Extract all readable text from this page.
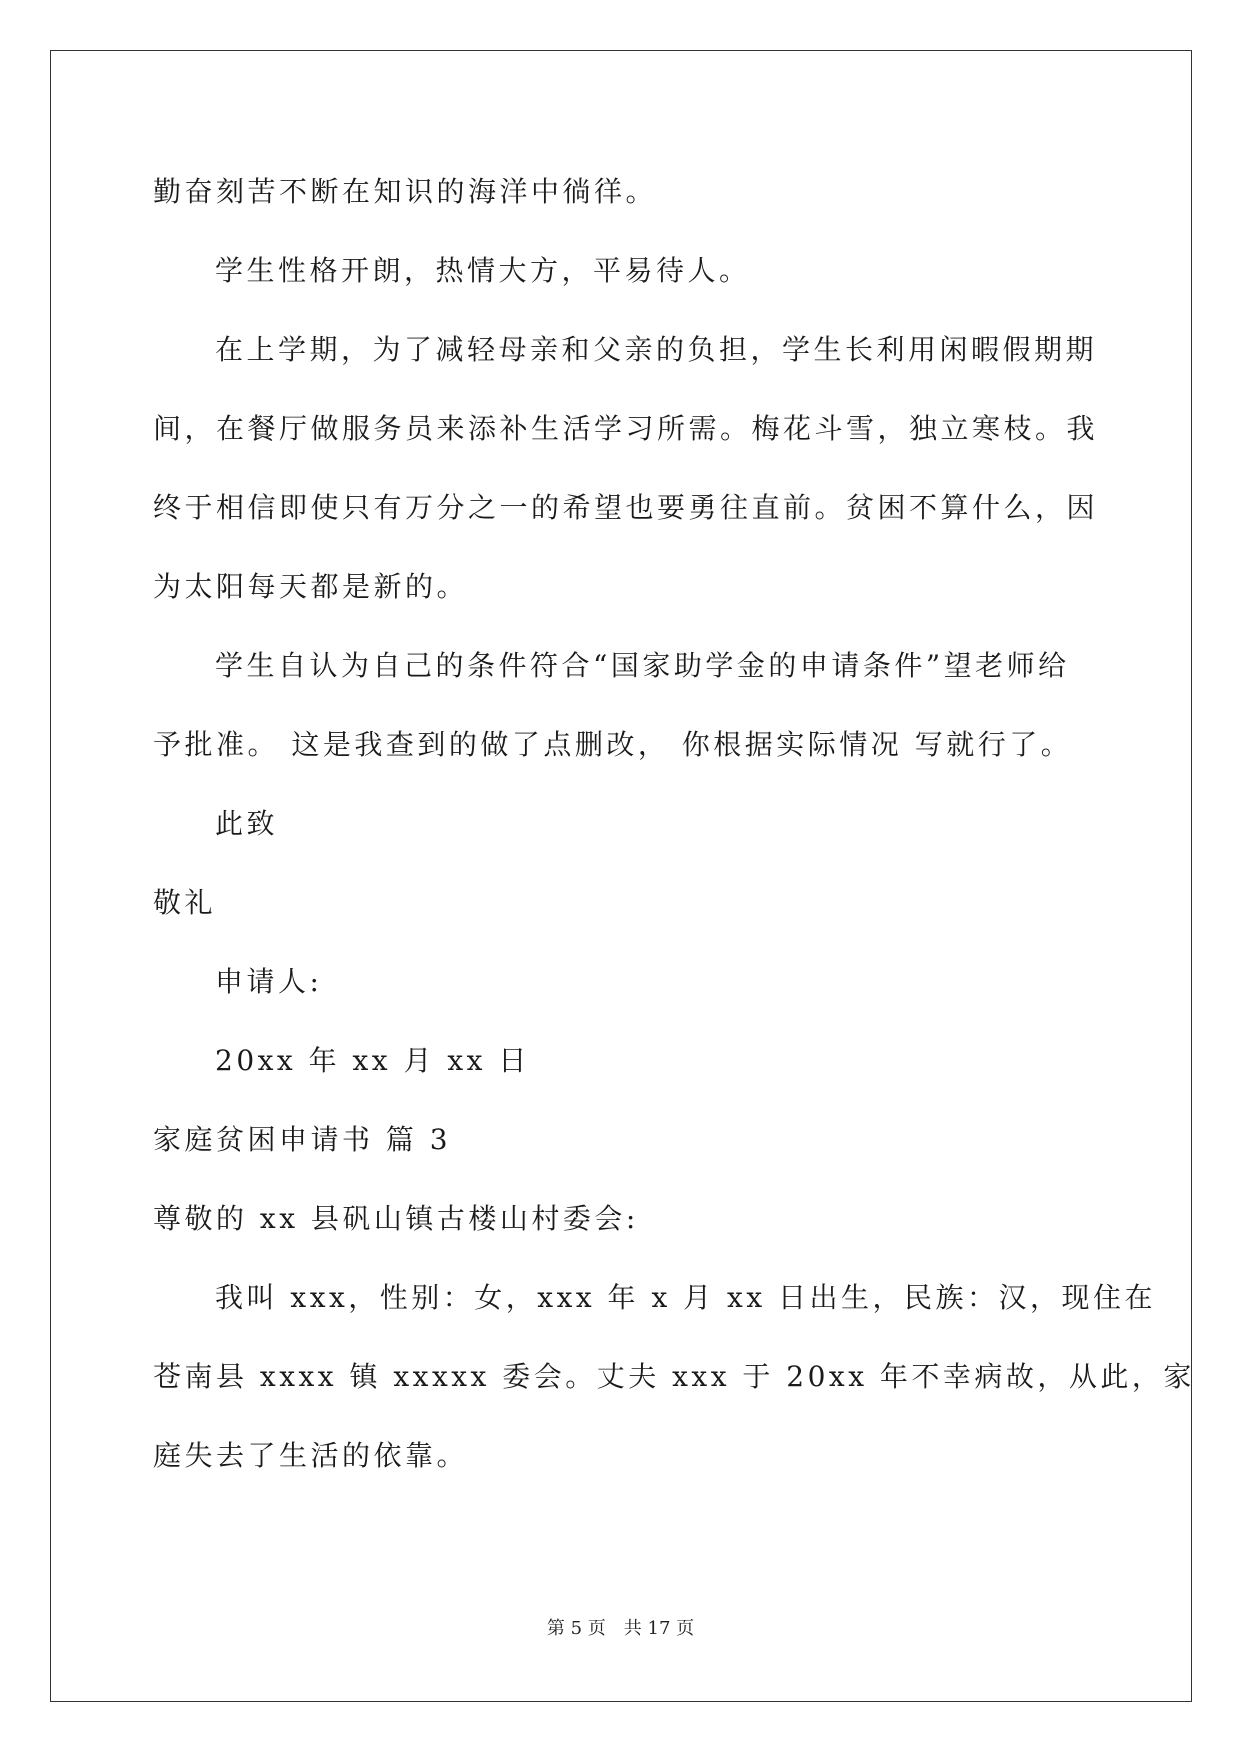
勤奋刻苦不断在知识的海洋中徜徉。
学生性格开朗，热情大方，平易待人。
在上学期，为了减轻母亲和父亲的负担，学生长利用闲暇假期期
间，在餐厅做服务员来添补生活学习所需。梅花斗雪，独立寒枝。我
终于相信即使只有万分之一的希望也要勇往直前。贫困不算什么，因
为太阳每天都是新的。
学生自认为自己的条件符合“国家助学金的申请条件”望老师给
予批准。 这是我查到的做了点删改， 你根据实际情况 写就行了。
此致
敬礼
申请人:
20xx 年 xx 月 xx 日
家庭贫困申请书 篇 3
尊敬的 xx 县矾山镇古楼山村委会:
我叫 xxx，性别：女，xxx 年 x 月 xx 日出生，民族：汉，现住在
苍南县 xxxx 镇 xxxxx 委会。丈夫 xxx 于 20xx 年不幸病故，从此，家
庭失去了生活的依靠。
第 5 页　共 17 页
